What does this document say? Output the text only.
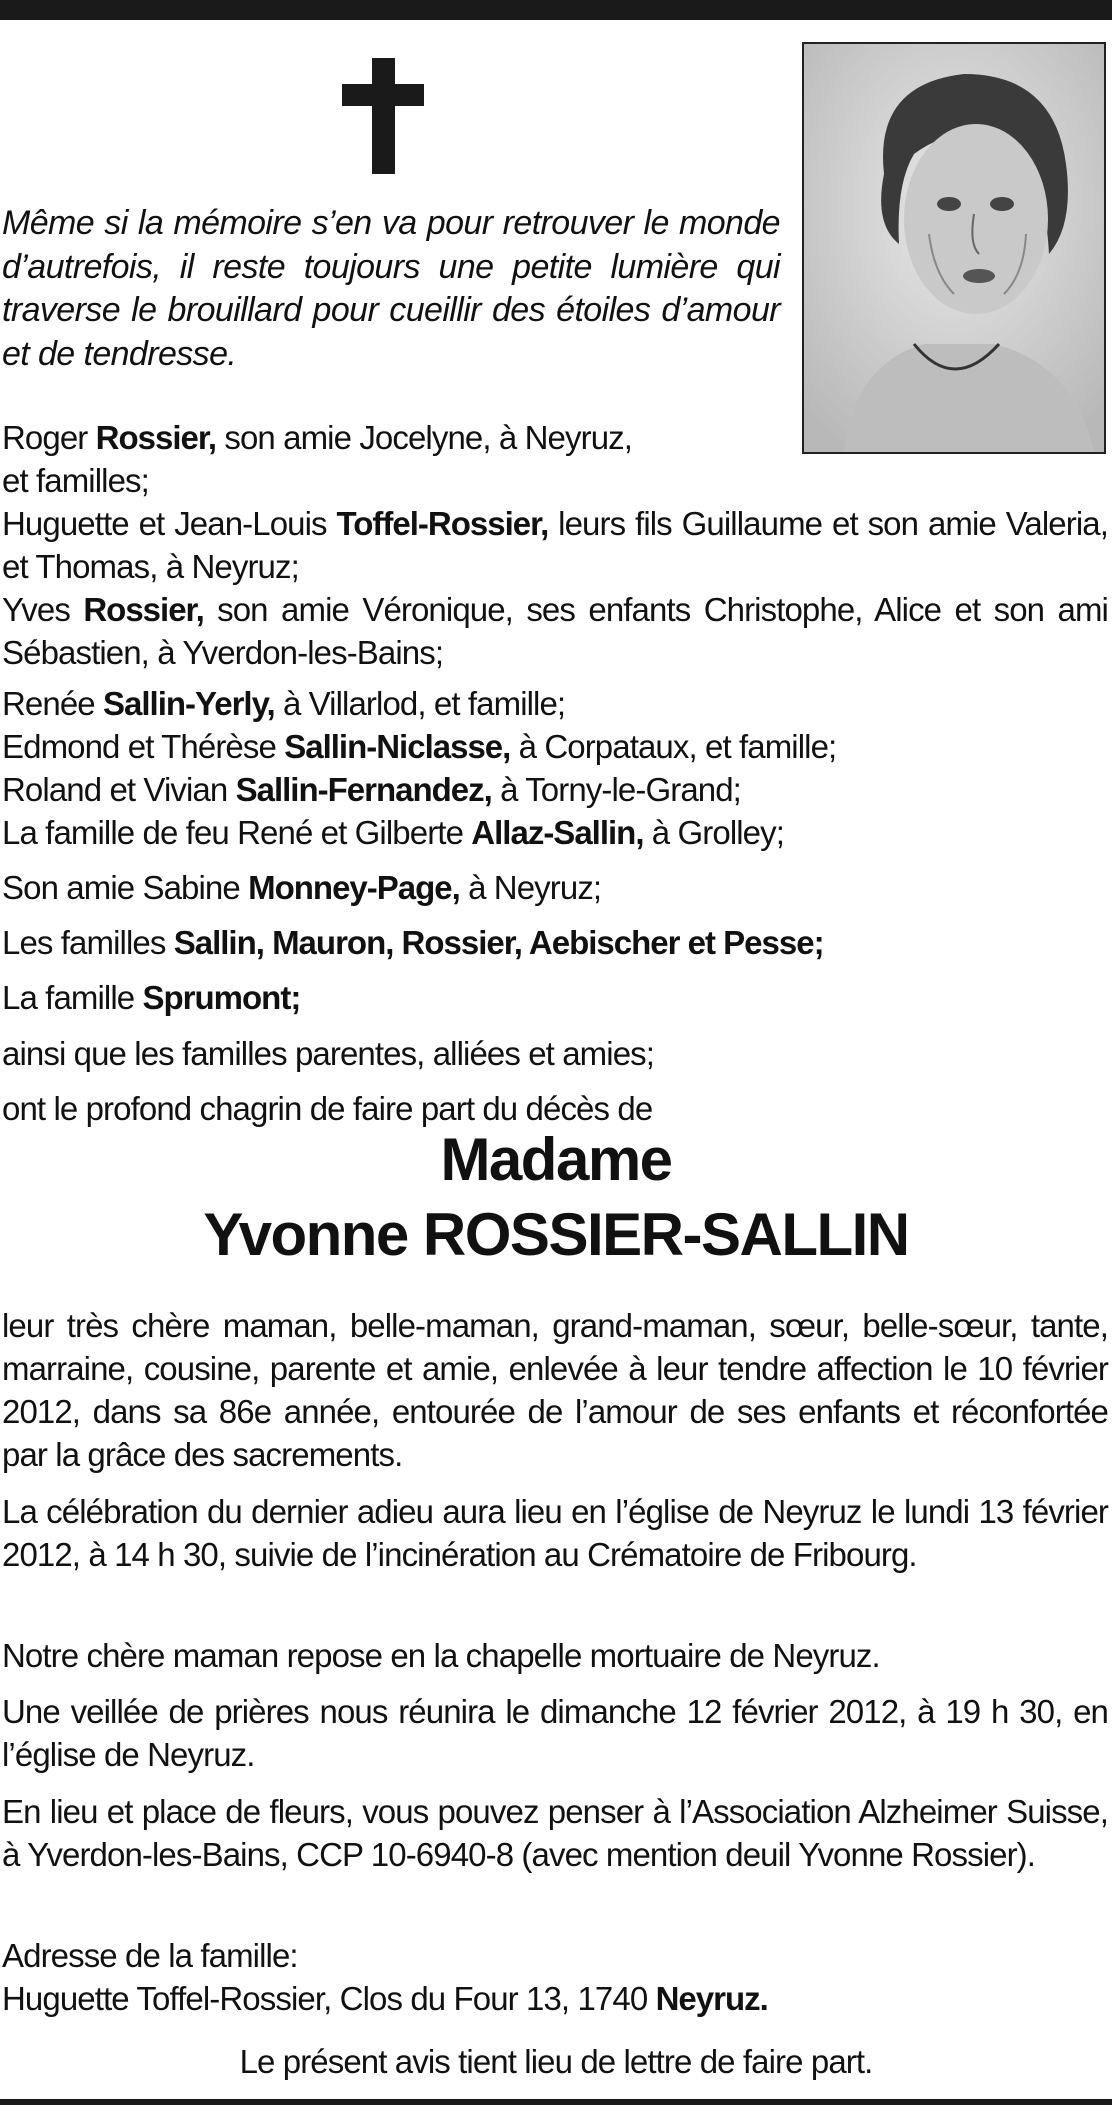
Même si la mémoire s’en va pour retrouver le monde d’autrefois, il reste toujours une petite lumière qui traverse le brouillard pour cueillir des étoiles d’amour et de tendresse.
Roger Rossier, son amie Jocelyne, à Neyruz,
et familles;
Huguette et Jean-Louis Toffel-Rossier, leurs fils Guillaume et son amie Valeria, et Thomas, à Neyruz;
Yves Rossier, son amie Véronique, ses enfants Christophe, Alice et son ami Sébastien, à Yverdon-les-Bains;
Renée Sallin-Yerly, à Villarlod, et famille;
Edmond et Thérèse Sallin-Niclasse, à Corpataux, et famille;
Roland et Vivian Sallin-Fernandez, à Torny-le-Grand;
La famille de feu René et Gilberte Allaz-Sallin, à Grolley;
Son amie Sabine Monney-Page, à Neyruz;
Les familles Sallin, Mauron, Rossier, Aebischer et Pesse;
La famille Sprumont;
ainsi que les familles parentes, alliées et amies;
ont le profond chagrin de faire part du décès de
Madame
Yvonne ROSSIER-SALLIN
leur très chère maman, belle-maman, grand-maman, sœur, belle-sœur, tante, marraine, cousine, parente et amie, enlevée à leur tendre affection le 10 février 2012, dans sa 86e année, entourée de l’amour de ses enfants et réconfortée par la grâce des sacrements.
La célébration du dernier adieu aura lieu en l’église de Neyruz le lundi 13 février 2012, à 14 h 30, suivie de l’incinération au Crématoire de Fribourg.
Notre chère maman repose en la chapelle mortuaire de Neyruz.
Une veillée de prières nous réunira le dimanche 12 février 2012, à 19 h 30, en l’église de Neyruz.
En lieu et place de fleurs, vous pouvez penser à l’Association Alzheimer Suisse, à Yverdon-les-Bains, CCP 10-6940-8 (avec mention deuil Yvonne Rossier).
Adresse de la famille:
Huguette Toffel-Rossier, Clos du Four 13, 1740 Neyruz.
Le présent avis tient lieu de lettre de faire part.
